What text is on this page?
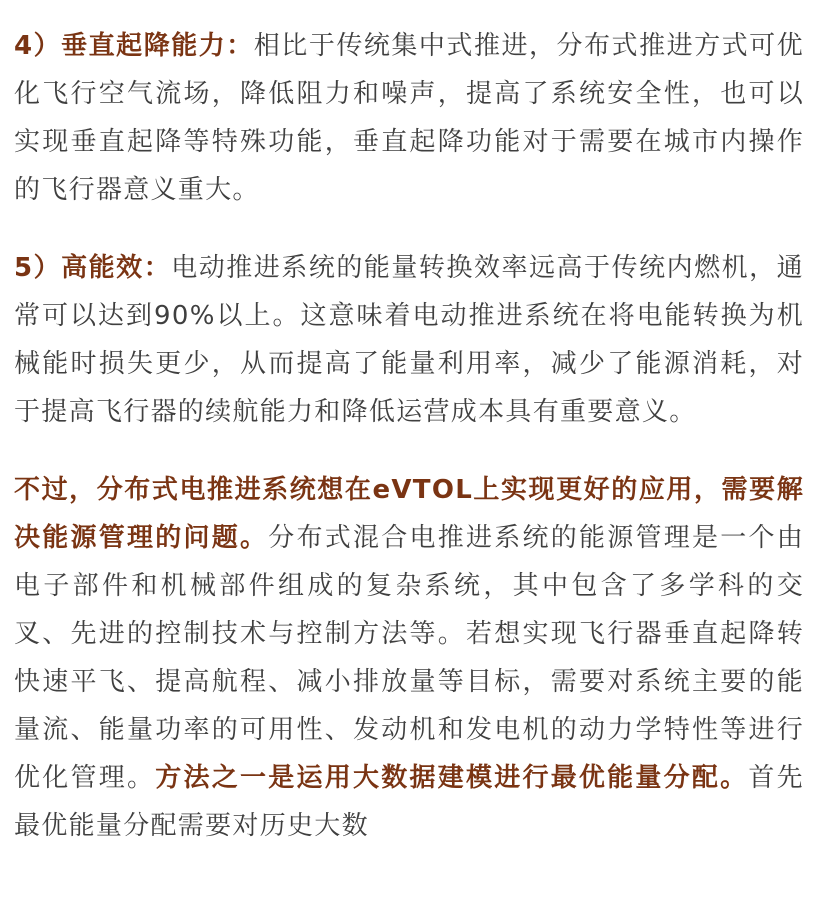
4）垂直起降能力：相比于传统集中式推进，分布式推进方式可优化飞行空气流场，降低阻力和噪声，提高了系统安全性，也可以实现垂直起降等特殊功能，垂直起降功能对于需要在城市内操作的飞行器意义重大。

5）高能效：电动推进系统的能量转换效率远高于传统内燃机，通常可以达到90%以上。这意味着电动推进系统在将电能转换为机械能时损失更少，从而提高了能量利用率，减少了能源消耗，对于提高飞行器的续航能力和降低运营成本具有重要意义。

不过，分布式电推进系统想在eVTOL上实现更好的应用，需要解决能源管理的问题。分布式混合电推进系统的能源管理是一个由电子部件和机械部件组成的复杂系统，其中包含了多学科的交叉、先进的控制技术与控制方法等。若想实现飞行器垂直起降转快速平飞、提高航程、减小排放量等目标，需要对系统主要的能量流、能量功率的可用性、发动机和发电机的动力学特性等进行优化管理。方法之一是运用大数据建模进行最优能量分配。首先最优能量分配需要对历史大数
